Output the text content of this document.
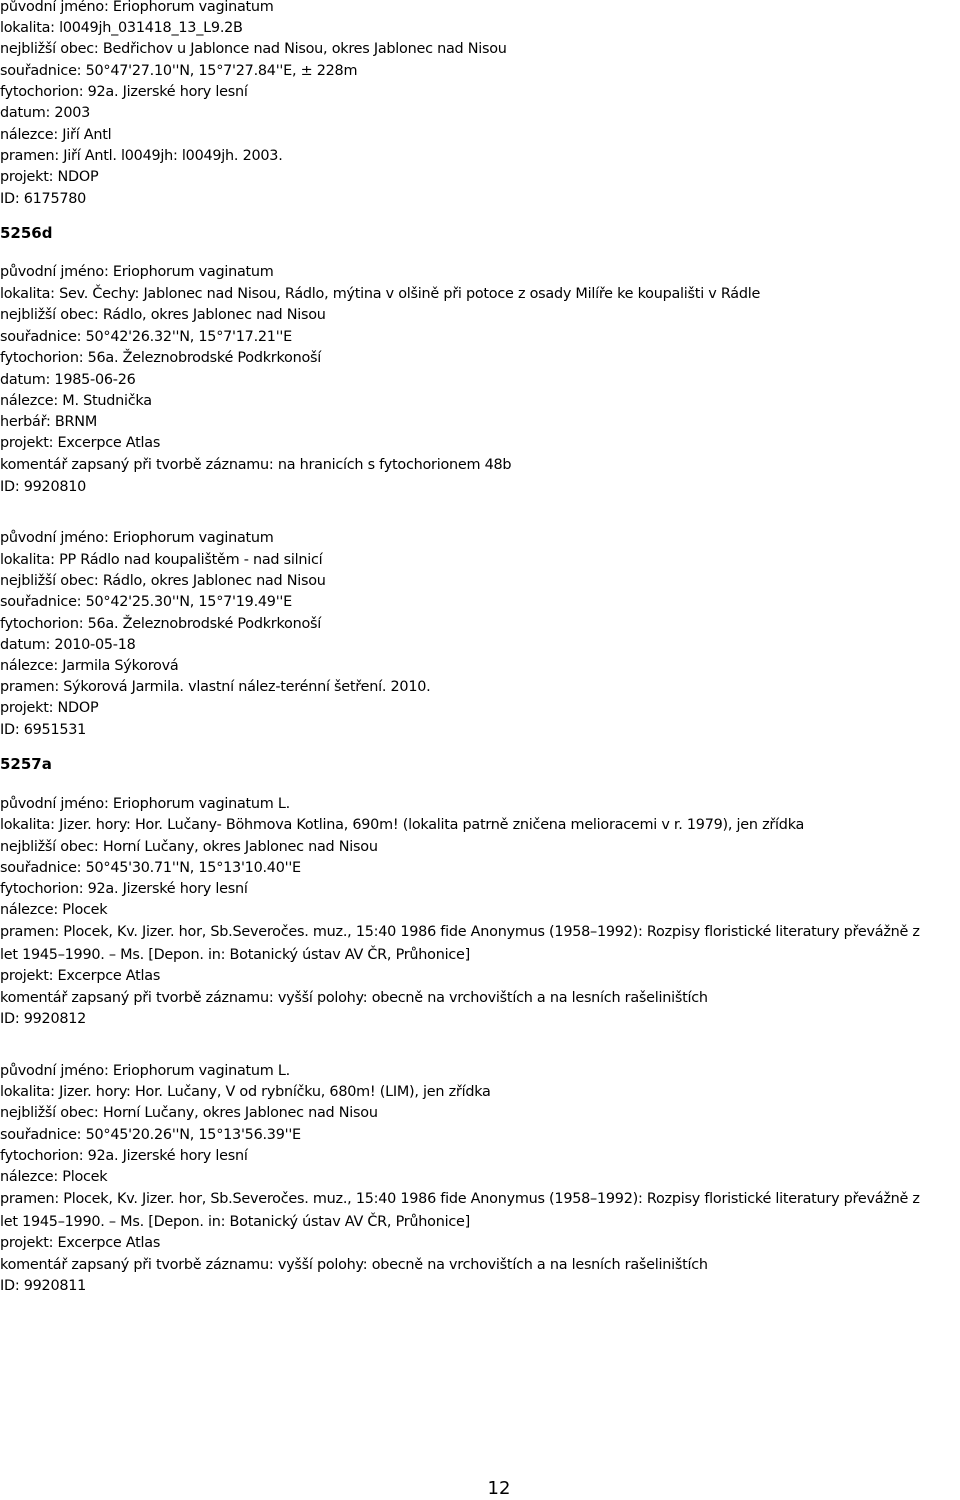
původní jméno: Eriophorum vaginatum
lokalita: l0049jh_031418_13_L9.2B
nejbližší obec: Bedřichov u Jablonce nad Nisou, okres Jablonec nad Nisou
souřadnice: 50°47'27.10''N, 15°7'27.84''E, ± 228m
fytochorion: 92a. Jizerské hory lesní
datum: 2003
nálezce: Jiří Antl
pramen: Jiří Antl. l0049jh: l0049jh. 2003.
projekt: NDOP
ID: 6175780
5256d
původní jméno: Eriophorum vaginatum
lokalita: Sev. Čechy: Jablonec nad Nisou, Rádlo, mýtina v olšině při potoce z osady Milíře ke koupališti v Rádle
nejbližší obec: Rádlo, okres Jablonec nad Nisou
souřadnice: 50°42'26.32''N, 15°7'17.21''E
fytochorion: 56a. Železnobrodské Podkrkonoší
datum: 1985-06-26
nálezce: M. Studnička
herbář: BRNM
projekt: Excerpce Atlas
komentář zapsaný při tvorbě záznamu: na hranicích s fytochorionem 48b
ID: 9920810
původní jméno: Eriophorum vaginatum
lokalita: PP Rádlo nad koupalištěm - nad silnicí
nejbližší obec: Rádlo, okres Jablonec nad Nisou
souřadnice: 50°42'25.30''N, 15°7'19.49''E
fytochorion: 56a. Železnobrodské Podkrkonoší
datum: 2010-05-18
nálezce: Jarmila Sýkorová
pramen: Sýkorová Jarmila. vlastní nález-terénní šetření. 2010.
projekt: NDOP
ID: 6951531
5257a
původní jméno: Eriophorum vaginatum L.
lokalita: Jizer. hory: Hor. Lučany- Böhmova Kotlina, 690m! (lokalita patrně zničena melioracemi v r. 1979), jen zřídka
nejbližší obec: Horní Lučany, okres Jablonec nad Nisou
souřadnice: 50°45'30.71''N, 15°13'10.40''E
fytochorion: 92a. Jizerské hory lesní
nálezce: Plocek
pramen: Plocek, Kv. Jizer. hor, Sb.Severočes. muz., 15:40 1986 fide Anonymus (1958–1992): Rozpisy floristické literatury převážně z
let 1945–1990. – Ms. [Depon. in: Botanický ústav AV ČR, Průhonice]
projekt: Excerpce Atlas
komentář zapsaný při tvorbě záznamu: vyšší polohy: obecně na vrchovištích a na lesních rašeliništích
ID: 9920812
původní jméno: Eriophorum vaginatum L.
lokalita: Jizer. hory: Hor. Lučany, V od rybníčku, 680m! (LIM), jen zřídka
nejbližší obec: Horní Lučany, okres Jablonec nad Nisou
souřadnice: 50°45'20.26''N, 15°13'56.39''E
fytochorion: 92a. Jizerské hory lesní
nálezce: Plocek
pramen: Plocek, Kv. Jizer. hor, Sb.Severočes. muz., 15:40 1986 fide Anonymus (1958–1992): Rozpisy floristické literatury převážně z
let 1945–1990. – Ms. [Depon. in: Botanický ústav AV ČR, Průhonice]
projekt: Excerpce Atlas
komentář zapsaný při tvorbě záznamu: vyšší polohy: obecně na vrchovištích a na lesních rašeliništích
ID: 9920811
12
